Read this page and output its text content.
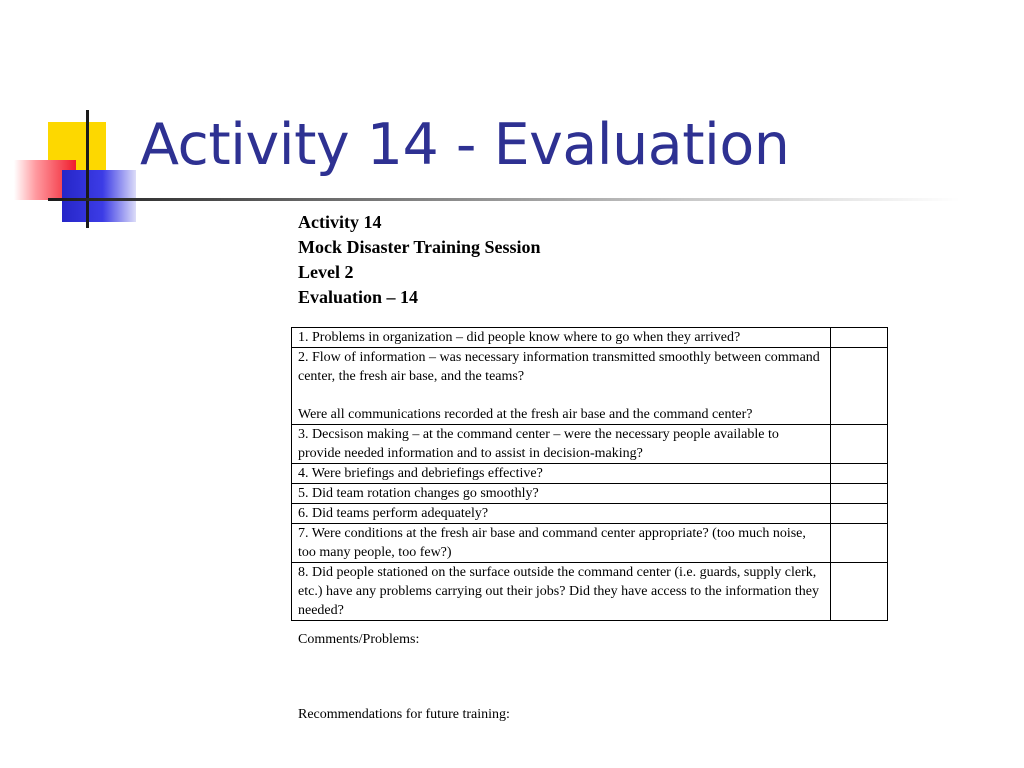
Activity 14 - Evaluation
Activity 14
Mock Disaster Training Session
Level 2
Evaluation – 14
1. Problems in organization – did people know where to go when they arrived?	
2. Flow of information – was necessary information transmitted smoothly between command center, the fresh air base, and the teams?

Were all communications recorded at the fresh air base and the command center?	
3. Decsison making – at the command center – were the necessary people available to provide needed information and to assist in decision-making?	
4. Were briefings and debriefings effective?	
5. Did team rotation changes go smoothly?	
6. Did teams perform adequately?	
7. Were conditions at the fresh air base and command center appropriate? (too much noise, too many people, too few?)	
8. Did people stationed on the surface outside the command center (i.e. guards, supply clerk, etc.) have any problems carrying out their jobs? Did they have access to the information they needed?	
Comments/Problems:
Recommendations for future training:
